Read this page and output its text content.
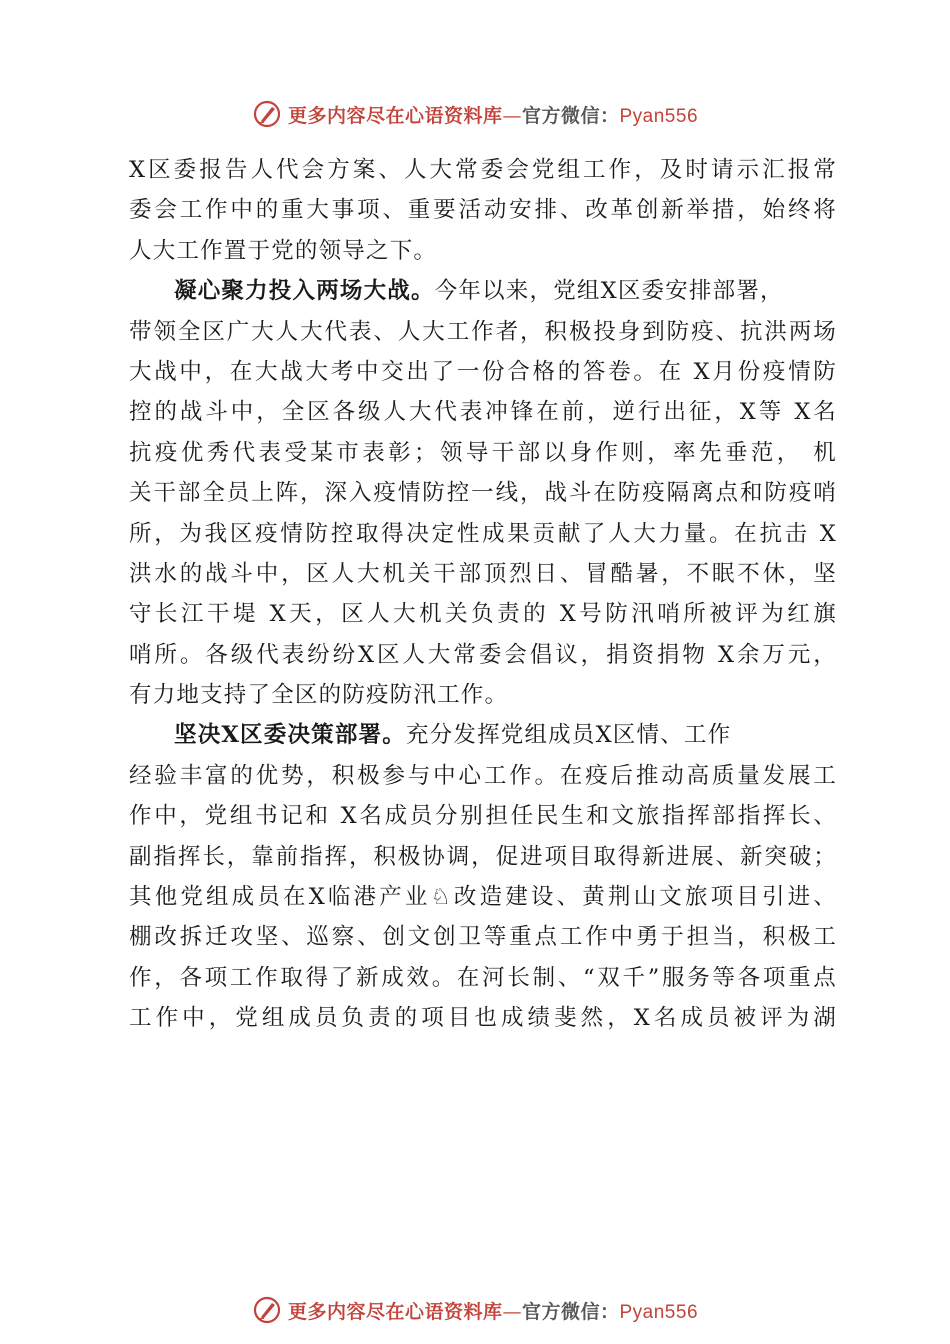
更多内容尽在心语资料库—官方微信：Pyan556
X区委报告人代会方案、人大常委会党组工作，及时请示汇报常
委会工作中的重大事项、重要活动安排、改革创新举措，始终将
人大工作置于党的领导之下。
凝心聚力投入两场大战。今年以来，党组X区委安排部署，
带领全区广大人大代表、人大工作者，积极投身到防疫、抗洪两场
大战中，在大战大考中交出了一份合格的答卷。在 X月份疫情防
控的战斗中，全区各级人大代表冲锋在前，逆行出征，X等 X名
抗疫优秀代表受某市表彰；领导干部以身作则，率先垂范， 机
关干部全员上阵，深入疫情防控一线，战斗在防疫隔离点和防疫哨
所，为我区疫情防控取得决定性成果贡献了人大力量。在抗击 X
洪水的战斗中，区人大机关干部顶烈日、冒酷暑，不眠不休，坚
守长江干堤 X天，区人大机关负责的 X号防汛哨所被评为红旗
哨所。各级代表纷纷X区人大常委会倡议，捐资捐物 X余万元，
有力地支持了全区的防疫防汛工作。
坚决X区委决策部署。充分发挥党组成员X区情、工作
经验丰富的优势，积极参与中心工作。在疫后推动高质量发展工
作中，党组书记和 X名成员分别担任民生和文旅指挥部指挥长、
副指挥长，靠前指挥，积极协调，促进项目取得新进展、新突破；
其他党组成员在X临港产业♘改造建设、黄荆山文旅项目引进、
棚改拆迁攻坚、巡察、创文创卫等重点工作中勇于担当，积极工
作，各项工作取得了新成效。在河长制、“双千”服务等各项重点
工作中，党组成员负责的项目也成绩斐然，X名成员被评为湖
更多内容尽在心语资料库—官方微信：Pyan556
